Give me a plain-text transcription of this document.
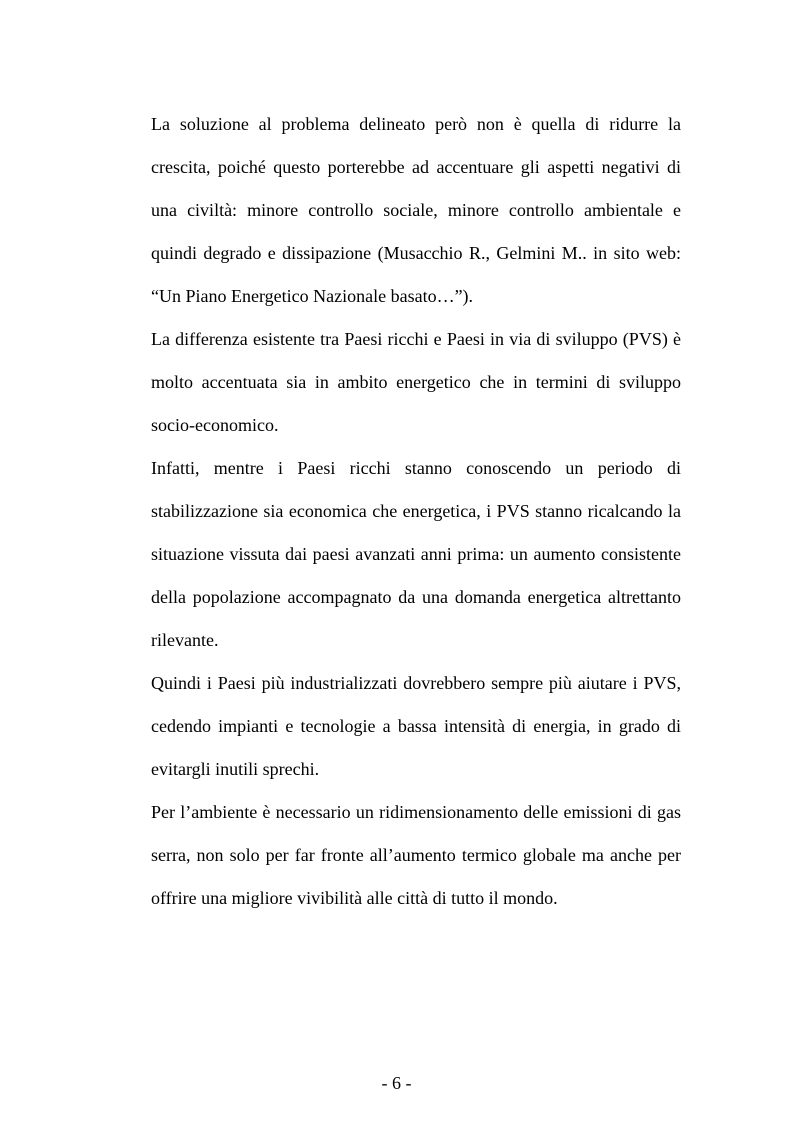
La soluzione al problema delineato però non è quella di ridurre la crescita, poiché questo porterebbe ad accentuare gli aspetti negativi di una civiltà: minore controllo sociale, minore controllo ambientale e quindi degrado e dissipazione (Musacchio R., Gelmini M.. in sito web: “Un Piano Energetico Nazionale basato…”).

La differenza esistente tra Paesi ricchi e Paesi in via di sviluppo (PVS) è molto accentuata sia in ambito energetico che in termini di sviluppo socio-economico.

Infatti, mentre i Paesi ricchi stanno conoscendo un periodo di stabilizzazione sia economica che energetica, i PVS stanno ricalcando la situazione vissuta dai paesi avanzati anni prima: un aumento consistente della popolazione accompagnato da una domanda energetica altrettanto rilevante.

Quindi i Paesi più industrializzati dovrebbero sempre più aiutare i PVS, cedendo impianti e tecnologie a bassa intensità di energia, in grado di evitargli inutili sprechi.

Per l’ambiente è necessario un ridimensionamento delle emissioni di gas serra, non solo per far fronte all’aumento termico globale ma anche per offrire una migliore vivibilità alle città di tutto il mondo.

- 6 -
